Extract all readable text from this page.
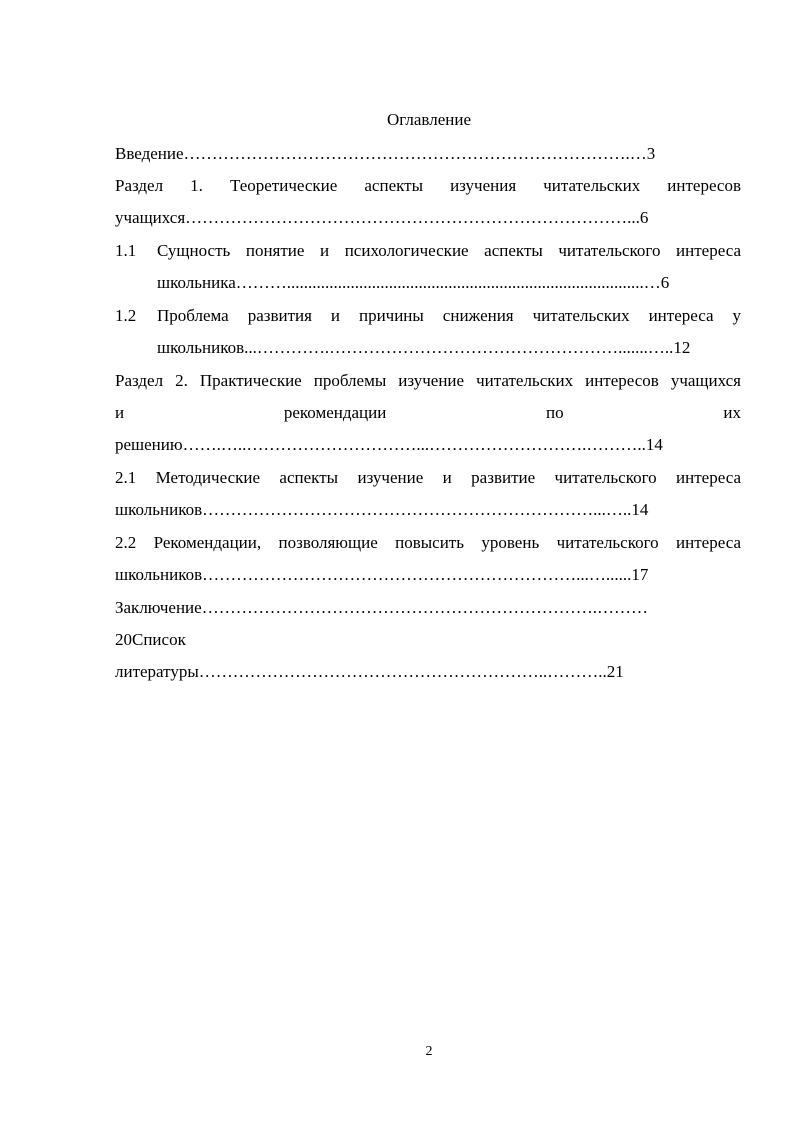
Оглавление
Введение…………………………………………………………………….…3
Раздел 1. Теоретические аспекты изучения читательских интересов
учащихся……………………………………………………………………...6
1.1 Сущность понятие и психологические аспекты читательского интереса
школьника………....................................................................................…6
1.2 Проблема развития и причины снижения читательских интереса у
школьников...………….…………………………………………….......…..12
Раздел 2. Практические проблемы изучение читательских интересов учащихся
и рекомендации по их
решению…….…..…………………………...……………………….………..14
2.1 Методические аспекты изучение и развитие читательского интереса
школьников……………………………………………………………...…..14
2.2 Рекомендации, позволяющие повысить уровень читательского интереса
школьников…………………………………………………………...…......17
Заключение…………………………………………………………….………
20Список
литературы……………………………………………………..………..21
2
